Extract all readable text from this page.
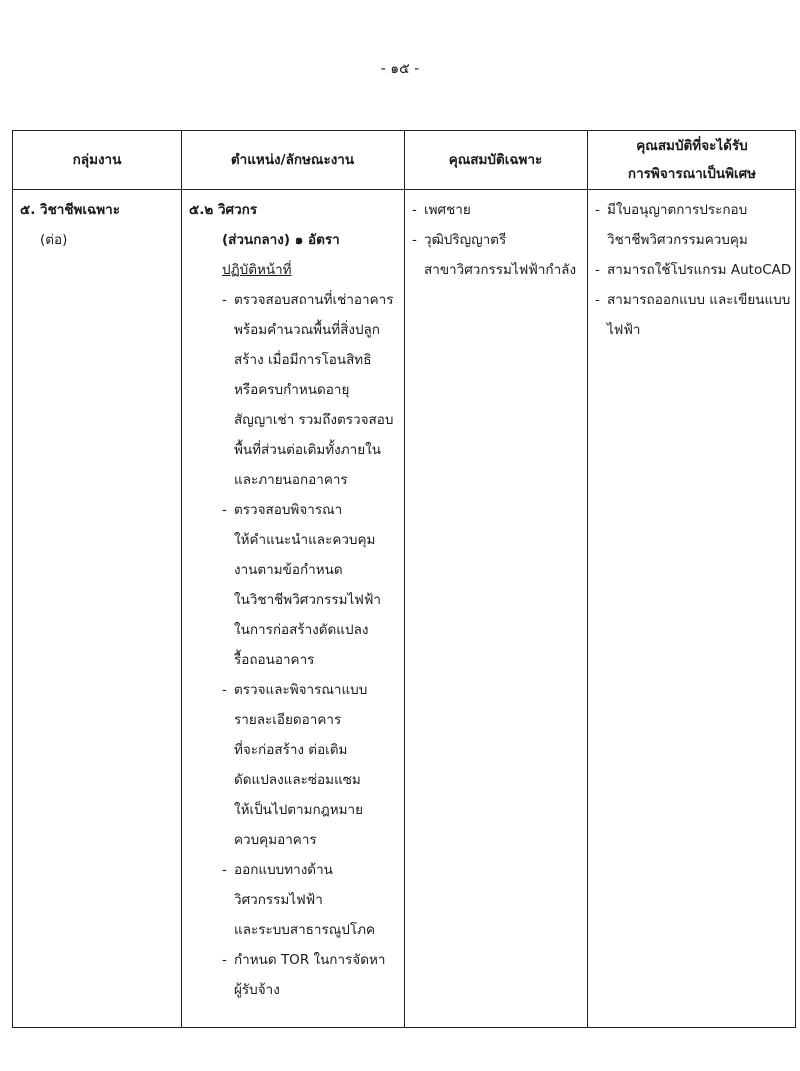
- ๑๕ -
กลุ่มงาน	ตำแหน่ง/ลักษณะงาน	คุณสมบัติเฉพาะ
คุณสมบัติที่จะได้รับ
การพิจารณาเป็นพิเศษ
๕. วิชาชีพเฉพาะ
(ต่อ)
๕.๒ วิศวกร
(ส่วนกลาง) ๑ อัตรา
ปฏิบัติหน้าที่
- ตรวจสอบสถานที่เช่าอาคาร
พร้อมคำนวณพื้นที่สิ่งปลูก
สร้าง เมื่อมีการโอนสิทธิ
หรือครบกำหนดอายุ
สัญญาเช่า รวมถึงตรวจสอบ
พื้นที่ส่วนต่อเติมทั้งภายใน
และภายนอกอาคาร
- ตรวจสอบพิจารณา
ให้คำแนะนำและควบคุม
งานตามข้อกำหนด
ในวิชาชีพวิศวกรรมไฟฟ้า
ในการก่อสร้างดัดแปลง
รื้อถอนอาคาร
- ตรวจและพิจารณาแบบ
รายละเอียดอาคาร
ที่จะก่อสร้าง ต่อเติม
ดัดแปลงและซ่อมแซม
ให้เป็นไปตามกฎหมาย
ควบคุมอาคาร
- ออกแบบทางด้าน
วิศวกรรมไฟฟ้า
และระบบสาธารณูปโภค
- กำหนด TOR ในการจัดหา
ผู้รับจ้าง
- เพศชาย
- วุฒิปริญญาตรี
สาขาวิศวกรรมไฟฟ้ากำลัง
- มีใบอนุญาตการประกอบ
วิชาชีพวิศวกรรมควบคุม
- สามารถใช้โปรแกรม AutoCAD
- สามารถออกแบบ และเขียนแบบ
ไฟฟ้า
